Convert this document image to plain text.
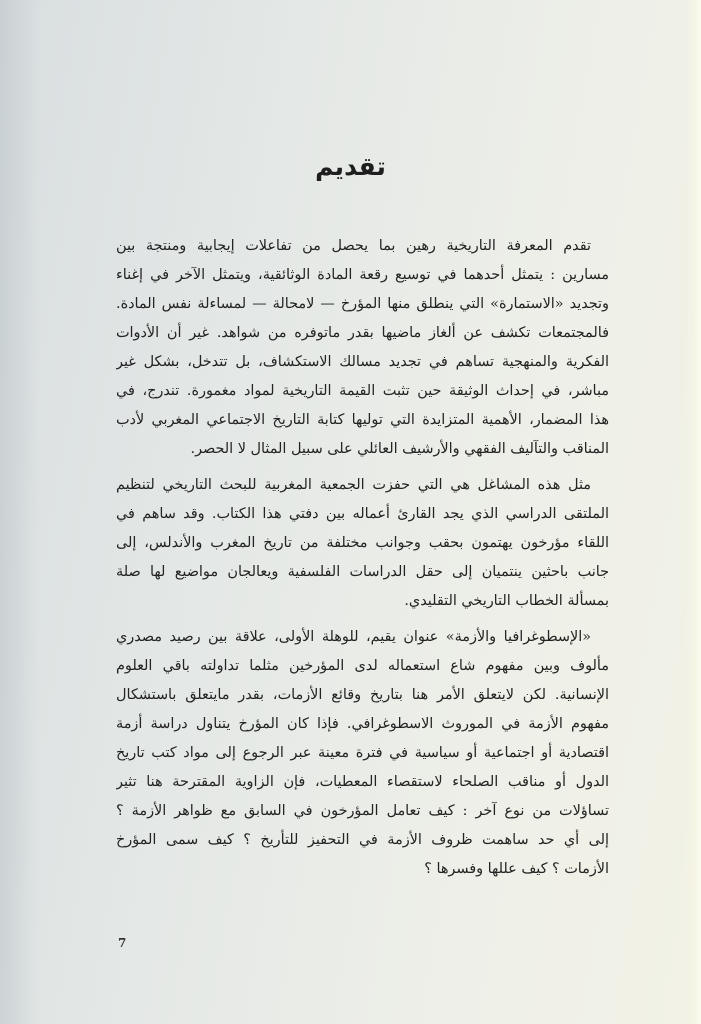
تقديم

تقدم المعرفة التاريخية رهين بما يحصل من تفاعلات إيجابية ومنتجة بين
مسارين : يتمثل أحدهما في توسيع رقعة المادة الوثائقية، ويتمثل الآخر في إغناء
وتجديد «الاستمارة» التي ينطلق منها المؤرخ — لامحالة — لمساءلة نفس المادة.
فالمجتمعات تكشف عن ألغاز ماضيها بقدر ماتوفره من شواهد. غير أن الأدوات
الفكرية والمنهجية تساهم في تجديد مسالك الاستكشاف، بل تتدخل، بشكل غير
مباشر، في إحداث الوثيقة حين تثبت القيمة التاريخية لمواد مغمورة. تندرج، في
هذا المضمار، الأهمية المتزايدة التي توليها كتابة التاريخ الاجتماعي المغربي لأدب
المناقب والتآليف الفقهي والأرشيف العائلي على سبيل المثال لا الحصر.

مثل هذه المشاغل هي التي حفزت الجمعية المغربية للبحث التاريخي لتنظيم
الملتقى الدراسي الذي يجد القارئ أعماله بين دفتي هذا الكتاب. وقد ساهم في
اللقاء مؤرخون يهتمون بحقب وجوانب مختلفة من تاريخ المغرب والأندلس، إلى
جانب باحثين ينتميان إلى حقل الدراسات الفلسفية ويعالجان مواضيع لها صلة
بمسألة الخطاب التاريخي التقليدي.

«الإسطوغرافيا والأزمة» عنوان يقيم، للوهلة الأولى، علاقة بين رصيد مصدري
مألوف وبين مفهوم شاع استعماله لدى المؤرخين مثلما تداولته باقي العلوم
الإنسانية. لكن لايتعلق الأمر هنا بتاريخ وقائع الأزمات، بقدر مايتعلق باستشكال
مفهوم الأزمة في الموروث الاسطوغرافي. فإذا كان المؤرخ يتناول دراسة أزمة
اقتصادية أو اجتماعية أو سياسية في فترة معينة عبر الرجوع إلى مواد كتب تاريخ
الدول أو مناقب الصلحاء لاستقصاء المعطيات، فإن الزاوية المقترحة هنا تثير
تساؤلات من نوع آخر : كيف تعامل المؤرخون في السابق مع ظواهر الأزمة ؟
إلى أي حد ساهمت ظروف الأزمة في التحفيز للتأريخ ؟ كيف سمى المؤرخ
الأزمات ؟ كيف عللها وفسرها ؟

7
